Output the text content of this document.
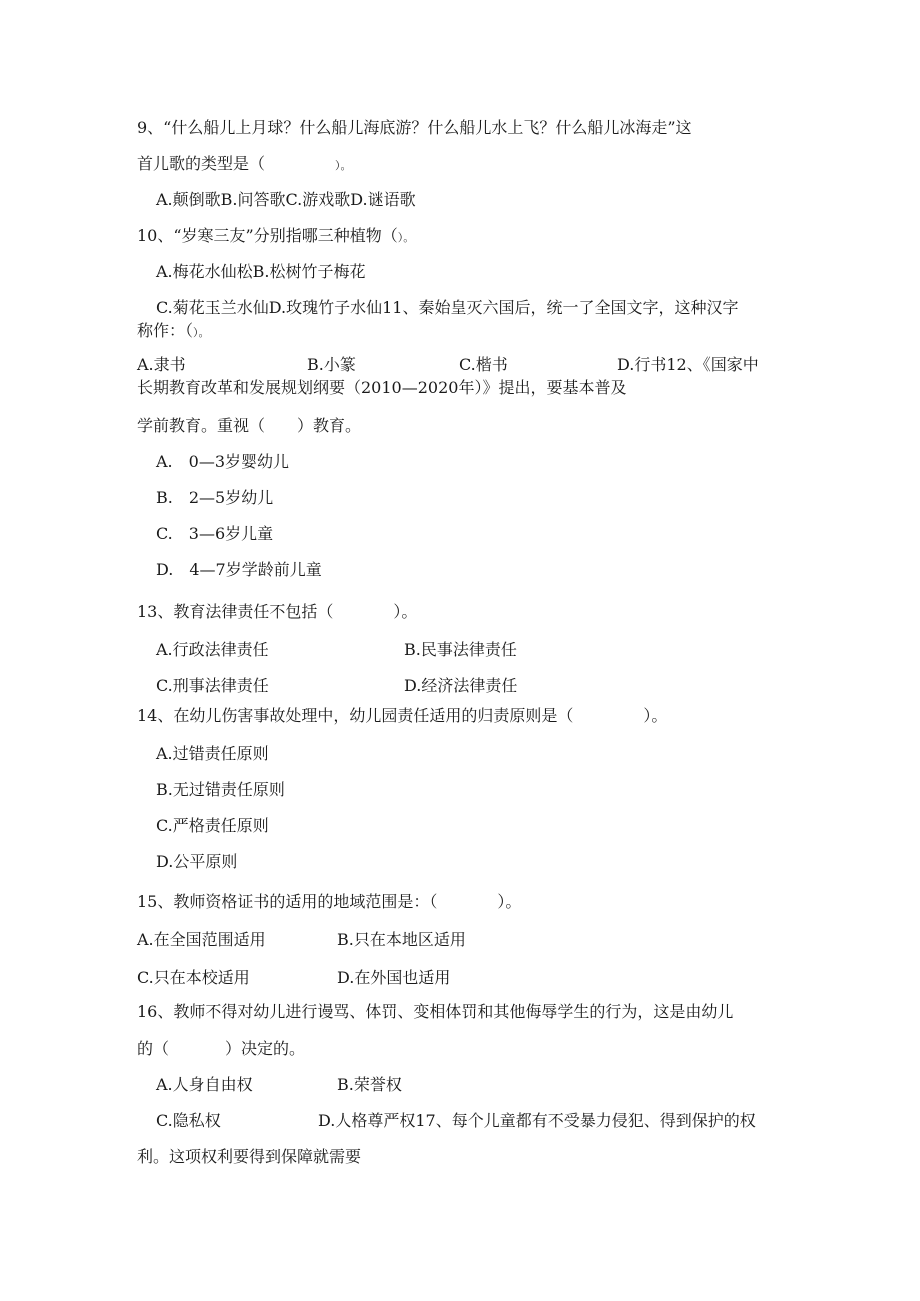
9、“什么船儿上月球？什么船儿海底游？什么船儿水上飞？什么船儿冰海走”这
首儿歌的类型是（	）。
A.颠倒歌B.问答歌C.游戏歌D.谜语歌
10、“岁寒三友”分别指哪三种植物（）。
A.梅花水仙松B.松树竹子梅花
C.菊花玉兰水仙D.玫瑰竹子水仙11、秦始皇灭六国后，统一了全国文字，这种汉字
称作：（）。
A.隶书	B.小篆	C.楷书	D.行书12、《国家中
长期教育改革和发展规划纲要（2010—2020年）》提出，要基本普及
学前教育。重视（　　）教育。
A.　0—3岁婴幼儿
B.　2—5岁幼儿
C.　3—6岁儿童
D.　4—7岁学龄前儿童
13、教育法律责任不包括（	）。
A.行政法律责任	B.民事法律责任
C.刑事法律责任	D.经济法律责任
14、在幼儿伤害事故处理中，幼儿园责任适用的归责原则是（	）。
A.过错责任原则
B.无过错责任原则
C.严格责任原则
D.公平原则
15、教师资格证书的适用的地域范围是：（	）。
A.在全国范围适用	B.只在本地区适用
C.只在本校适用	D.在外国也适用
16、教师不得对幼儿进行谩骂、体罚、变相体罚和其他侮辱学生的行为，这是由幼儿
的（	）决定的。
A.人身自由权	B.荣誉权
C.隐私权	D.人格尊严权17、每个儿童都有不受暴力侵犯、得到保护的权
利。这项权利要得到保障就需要
